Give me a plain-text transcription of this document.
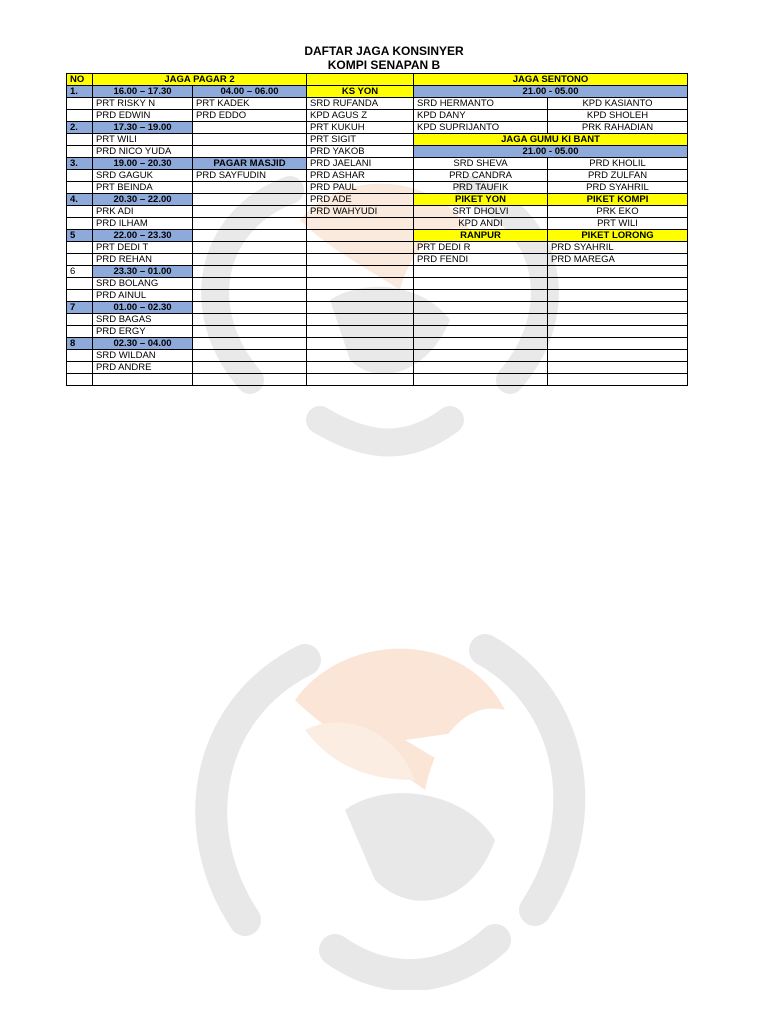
DAFTAR JAGA KONSINYER
KOMPI SENAPAN B
NO	JAGA PAGAR 2			JAGA SENTONO	
1.	16.00 – 17.30	04.00 – 06.00	KS YON	21.00 - 05.00	
	PRT RISKY N	PRT KADEK	SRD RUFANDA	SRD HERMANTO	KPD KASIANTO
	PRD EDWIN	PRD EDDO	KPD AGUS Z	KPD DANY	KPD SHOLEH
2.	17.30 – 19.00		PRT KUKUH	KPD SUPRIJANTO	PRK RAHADIAN
	PRT WILI		PRT SIGIT	JAGA GUMU KI BANT	
	PRD NICO YUDA		PRD YAKOB	21.00 - 05.00	
3.	19.00 – 20.30	PAGAR MASJID	PRD JAELANI	SRD SHEVA	PRD KHOLIL
	SRD GAGUK	PRD SAYFUDIN	PRD ASHAR	PRD CANDRA	PRD ZULFAN
	PRT BEINDA		PRD PAUL	PRD TAUFIK	PRD SYAHRIL
4.	20.30 – 22.00		PRD ADE	PIKET YON	PIKET KOMPI
	PRK ADI		PRD WAHYUDI	SRT DHOLVI	PRK EKO
	PRD ILHAM			KPD ANDI	PRT WILI
5	22.00 – 23.30			RANPUR	PIKET LORONG
	PRT DEDI T			PRT DEDI R	PRD SYAHRIL
	PRD REHAN			PRD FENDI	PRD MAREGA
6	23.30 – 01.00				
	SRD BOLANG				
	PRD AINUL				
7	01.00 – 02.30				
	SRD BAGAS				
	PRD ERGY				
8	02.30 – 04.00				
	SRD WILDAN				
	PRD ANDRE				
